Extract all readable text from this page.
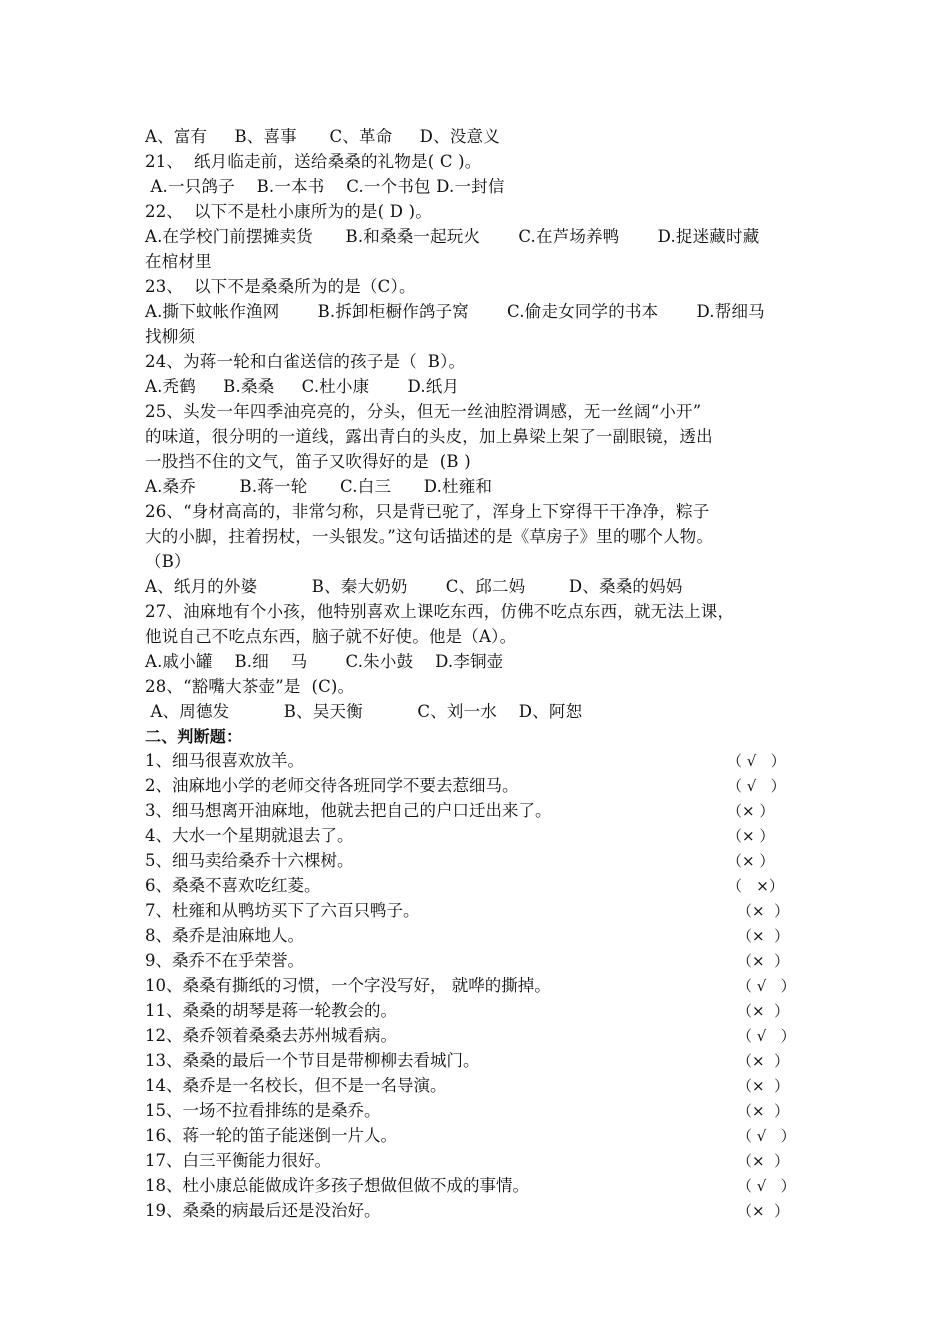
A、富有     B、喜事      C、革命     D、没意义
21、  纸月临走前，送给桑桑的礼物是( C )。
A.一只鸽子    B.一本书    C.一个书包 D.一封信
22、  以下不是杜小康所为的是( D )。
A.在学校门前摆摊卖货      B.和桑桑一起玩火       C.在芦场养鸭       D.捉迷藏时藏
在棺材里
23、  以下不是桑桑所为的是（C）。
A.撕下蚊帐作渔网       B.拆卸柜橱作鸽子窝       C.偷走女同学的书本       D.帮细马
找柳须
24、为蒋一轮和白雀送信的孩子是（  B）。
A.秃鹤     B.桑桑     C.杜小康       D.纸月
25、头发一年四季油亮亮的，分头，但无一丝油腔滑调感，无一丝阔“小开”
的味道，很分明的一道线，露出青白的头皮，加上鼻梁上架了一副眼镜，透出
一股挡不住的文气，笛子又吹得好的是  (B )
A.桑乔        B.蒋一轮      C.白三      D.杜雍和
26、“身材高高的，非常匀称，只是背已驼了，浑身上下穿得干干净净，粽子
大的小脚，拄着拐杖，一头银发。”这句话描述的是《草房子》里的哪个人物。
（B）
A、纸月的外婆          B、秦大奶奶       C、邱二妈        D、桑桑的妈妈
27、油麻地有个小孩，他特别喜欢上课吃东西，仿佛不吃点东西，就无法上课，
他说自己不吃点东西，脑子就不好使。他是（A）。
A.戚小罐    B.细    马       C.朱小鼓    D.李铜壶
28、“豁嘴大茶壶”是  (C)。
A、周德发          B、吴天衡          C、刘一水    D、阿恕
二、判断题：
1、细马很喜欢放羊。	（ √   ）
2、油麻地小学的老师交待各班同学不要去惹细马。	（ √   ）
3、细马想离开油麻地，他就去把自己的户口迁出来了。	（× ）
4、大水一个星期就退去了。	（× ）
5、细马卖给桑乔十六棵树。	（× ）
6、桑桑不喜欢吃红菱。	（   ×）
7、杜雍和从鸭坊买下了六百只鸭子。	（×  ）
8、桑乔是油麻地人。	（×  ）
9、桑乔不在乎荣誉。	（×  ）
10、桑桑有撕纸的习惯，一个字没写好， 就哗的撕掉。	（ √   ）
11、桑桑的胡琴是蒋一轮教会的。	（×  ）
12、桑乔领着桑桑去苏州城看病。	（ √   ）
13、桑桑的最后一个节目是带柳柳去看城门。	（×  ）
14、桑乔是一名校长，但不是一名导演。	（×  ）
15、一场不拉看排练的是桑乔。	（×  ）
16、蒋一轮的笛子能迷倒一片人。	（ √   ）
17、白三平衡能力很好。	（×  ）
18、杜小康总能做成许多孩子想做但做不成的事情。	（ √   ）
19、桑桑的病最后还是没治好。	（×  ）
